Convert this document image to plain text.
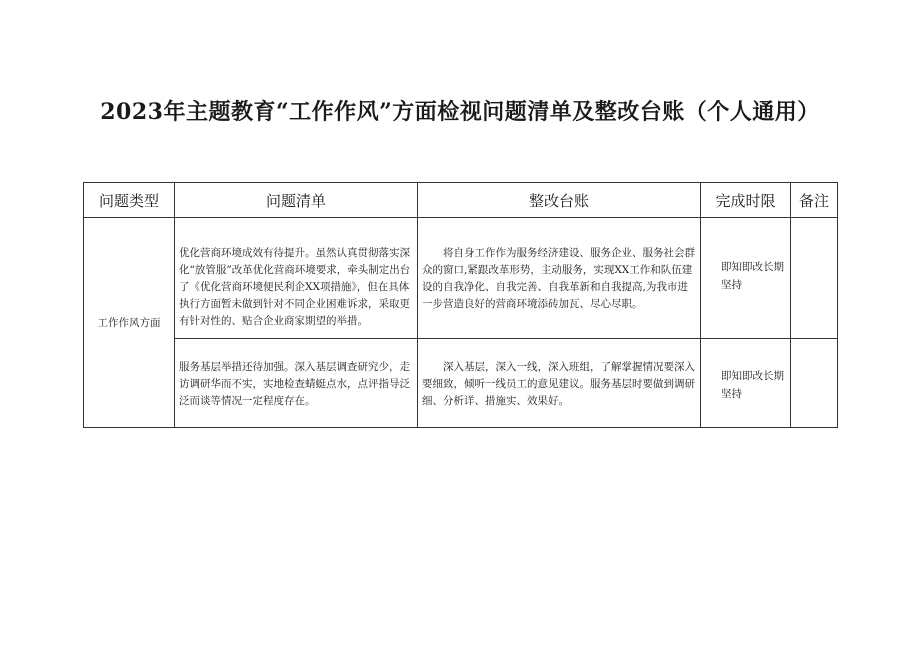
2023年主题教育“工作作风”方面检视问题清单及整改台账（个人通用）
问题类型	问题清单	整改台账	完成时限	备注
工作作风方面	优化营商环境成效有待提升。虽然认真贯彻落实深化“放管服”改革优化营商环境要求，牵头制定出台了《优化营商环境便民利企XX项措施》，但在具体执行方面暂未做到针对不同企业困难诉求，采取更有针对性的、贴合企业商家期望的举措。	将自身工作作为服务经济建设、服务企业、服务社会群众的窗口,紧跟改革形势，主动服务，实现XX工作和队伍建设的自我净化、自我完善、自我革新和自我提高,为我市进一步营造良好的营商环境添砖加瓦、尽心尽职。	即知即改长期坚持	

	服务基层举措还待加强。深入基层调查研究少，走访调研华而不实，实地检查蜻蜓点水，点评指导泛泛而谈等情况一定程度存在。	深入基层，深入一线，深入班组，了解掌握情况要深入要细致，倾听一线员工的意见建议。服务基层时要做到调研细、分析详、措施实、效果好。	即知即改长期坚持	
